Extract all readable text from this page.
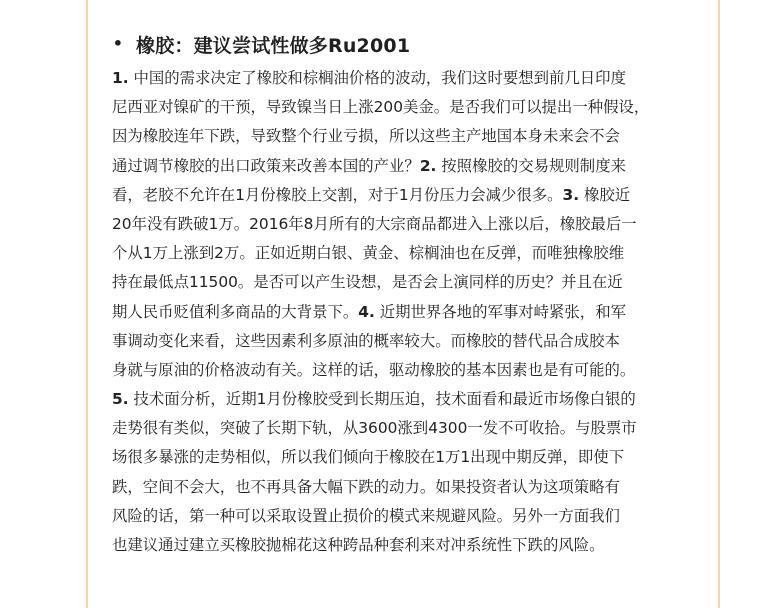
• 橡胶：建议尝试性做多Ru2001
1. 中国的需求决定了橡胶和棕榈油价格的波动，我们这时要想到前几日印度
尼西亚对镍矿的干预，导致镍当日上涨200美金。是否我们可以提出一种假设，
因为橡胶连年下跌，导致整个行业亏损，所以这些主产地国本身未来会不会
通过调节橡胶的出口政策来改善本国的产业？2. 按照橡胶的交易规则制度来
看，老胶不允许在1月份橡胶上交割，对于1月份压力会减少很多。3. 橡胶近
20年没有跌破1万。2016年8月所有的大宗商品都进入上涨以后，橡胶最后一
个从1万上涨到2万。正如近期白银、黄金、棕榈油也在反弹，而唯独橡胶维
持在最低点11500。是否可以产生设想，是否会上演同样的历史？并且在近
期人民币贬值利多商品的大背景下。4. 近期世界各地的军事对峙紧张，和军
事调动变化来看，这些因素利多原油的概率较大。而橡胶的替代品合成胶本
身就与原油的价格波动有关。这样的话，驱动橡胶的基本因素也是有可能的。
5. 技术面分析，近期1月份橡胶受到长期压迫，技术面看和最近市场像白银的
走势很有类似，突破了长期下轨，从3600涨到4300一发不可收拾。与股票市
场很多暴涨的走势相似，所以我们倾向于橡胶在1万1出现中期反弹，即使下
跌，空间不会大，也不再具备大幅下跌的动力。如果投资者认为这项策略有
风险的话，第一种可以采取设置止损价的模式来规避风险。另外一方面我们
也建议通过建立买橡胶抛棉花这种跨品种套利来对冲系统性下跌的风险。
